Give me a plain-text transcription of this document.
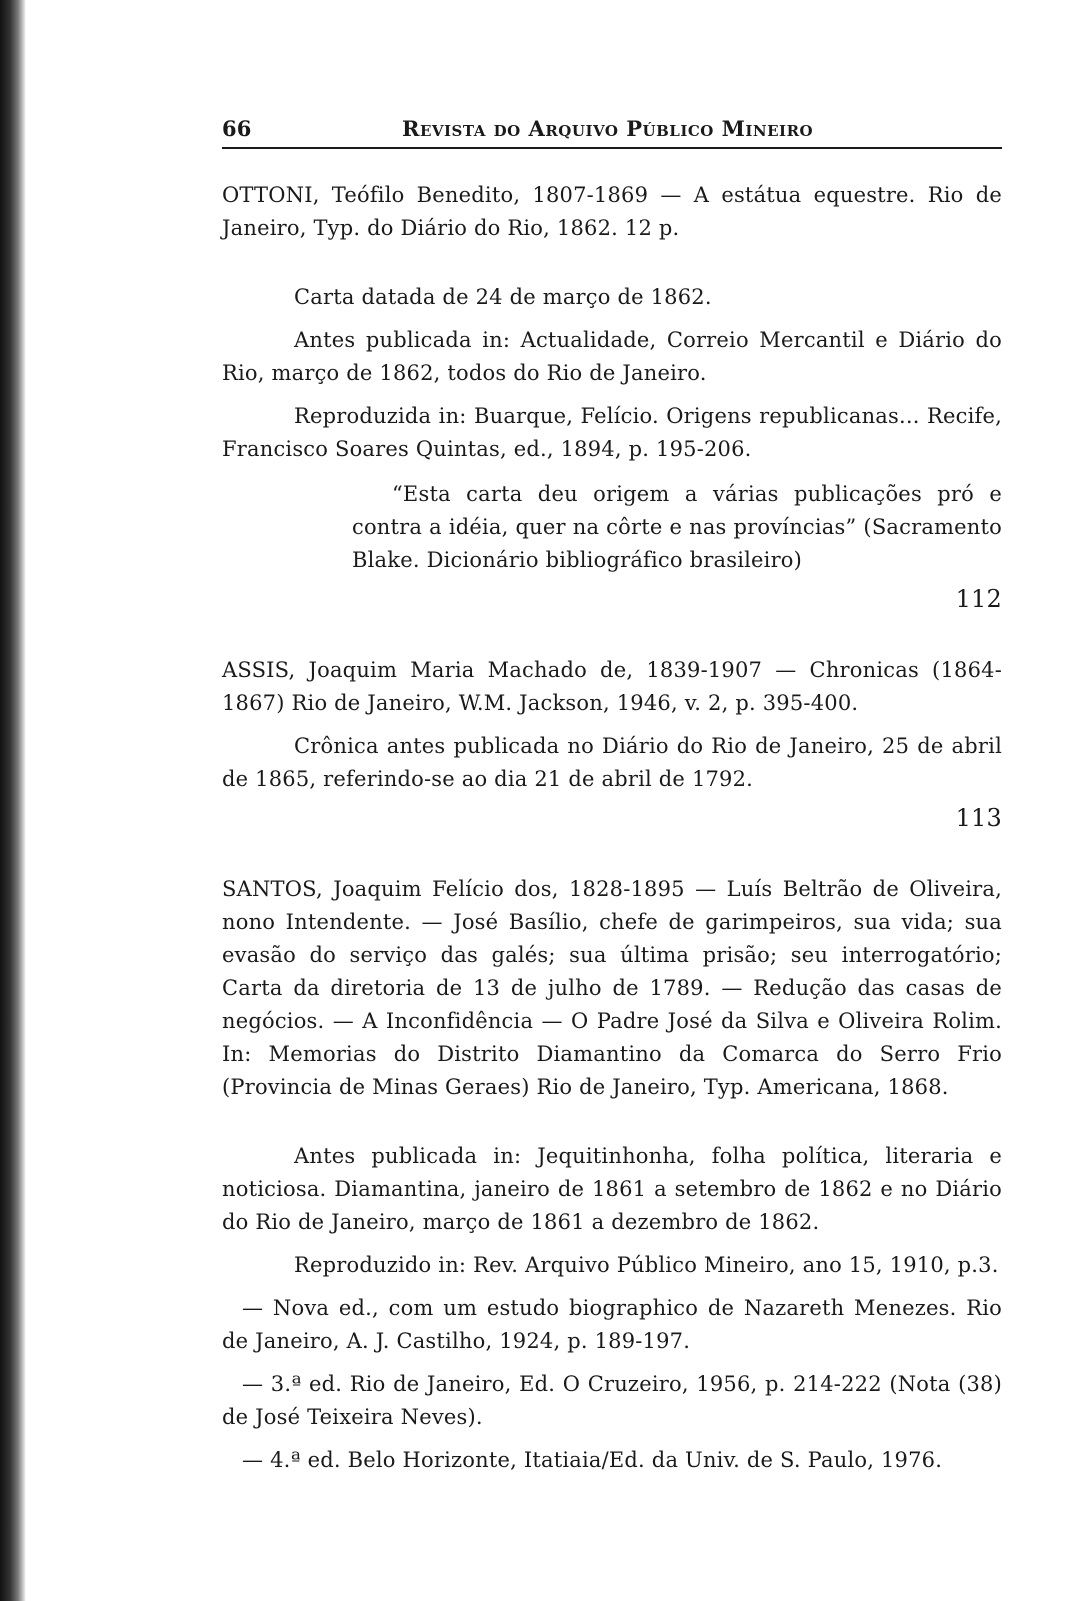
66	Revista do Arquivo Público Mineiro

OTTONI, Teófilo Benedito, 1807-1869 — A estátua equestre. Rio de Janeiro, Typ. do Diário do Rio, 1862. 12 p.

Carta datada de 24 de março de 1862.

Antes publicada in: Actualidade, Correio Mercantil e Diário do Rio, março de 1862, todos do Rio de Janeiro.

Reproduzida in: Buarque, Felício. Origens republicanas... Recife, Francisco Soares Quintas, ed., 1894, p. 195-206.

“Esta carta deu origem a várias publicações pró e contra a idéia, quer na côrte e nas províncias” (Sacramento Blake. Dicionário bibliográfico brasileiro)

112

ASSIS, Joaquim Maria Machado de, 1839-1907 — Chronicas (1864-1867) Rio de Janeiro, W.M. Jackson, 1946, v. 2, p. 395-400.

Crônica antes publicada no Diário do Rio de Janeiro, 25 de abril de 1865, referindo-se ao dia 21 de abril de 1792.

113

SANTOS, Joaquim Felício dos, 1828-1895 — Luís Beltrão de Oliveira, nono Intendente. — José Basílio, chefe de garimpeiros, sua vida; sua evasão do serviço das galés; sua última prisão; seu interrogatório; Carta da diretoria de 13 de julho de 1789. — Redução das casas de negócios. — A Inconfidência — O Padre José da Silva e Oliveira Rolim. In: Memorias do Distrito Diamantino da Comarca do Serro Frio (Provincia de Minas Geraes) Rio de Janeiro, Typ. Americana, 1868.

Antes publicada in: Jequitinhonha, folha política, literaria e noticiosa. Diamantina, janeiro de 1861 a setembro de 1862 e no Diário do Rio de Janeiro, março de 1861 a dezembro de 1862.

Reproduzido in: Rev. Arquivo Público Mineiro, ano 15, 1910, p.3.

— Nova ed., com um estudo biographico de Nazareth Menezes. Rio de Janeiro, A. J. Castilho, 1924, p. 189-197.

— 3.ª ed. Rio de Janeiro, Ed. O Cruzeiro, 1956, p. 214-222 (Nota (38) de José Teixeira Neves).

— 4.ª ed. Belo Horizonte, Itatiaia/Ed. da Univ. de S. Paulo, 1976.
